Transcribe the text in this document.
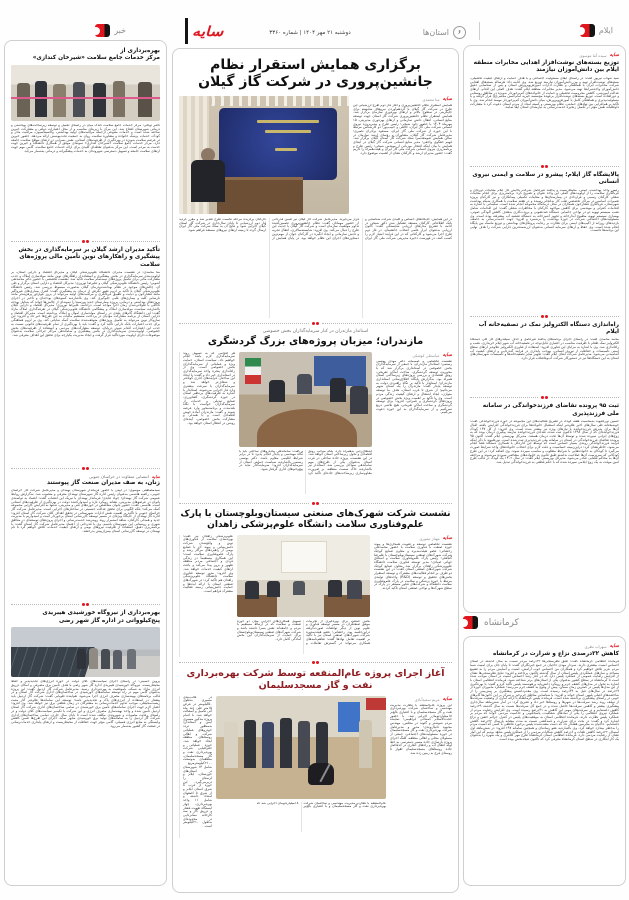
ایلام
۶
استان‌ها
دوشنبه ۲۱ مهر ۱۴۰۴ | شماره ۳۳۶۰
سایه
خبر
سایه
سیده آتنا موسوی
توزیع بسته‌های نوشت‌افزار اهدایی مخابرات منطقه ایلام بین دانش‌آموزان نیازمند
سید شهاب نیرپور گفت: در راستای ایفای مسئولیت اجتماعی و با هدف حمایت و ارتقای کیفیت تحصیلی، بسته‌های نوشت‌افزار تهیه و بین دانش‌آموزان نیازمند توزیع شد. وی ادامه داد: هرساله بسته‌های اهدایی شرکت مخابرات ایران با هماهنگی و نظارت ادارات آموزش‌وپرورش استان و پس از شناسایی دقیق دانش‌آموزان واجدشرایط تهیه می‌شود. مدیر مخابرات منطقه ایلام گفت: هدف اصلی این اقدام، ارتقای عدالت آموزشی، کاهش محرومیت تحصیلی و حمایت از خانواده‌های کم‌برخوردار به‌ویژه در مناطق روستایی و دورافتاده است. توزیع بسته‌های نوشت‌افزار برعهده مؤسسه خیریه امام‌حسن مجتبی(ع) قرار گرفته و با مسئولیت‌پذیری و هماهنگی کامل با آموزش‌وپرورش، میان دانش‌آموزان کم‌برخوردار مهمند انجام شد. وی با تأکید بر هم‌افزایی بین نهادهای حمایتی، نظام بهزیستی و کمیته امداد از مردم استان دعوت کرد با مشارکت داوطلبانه نقش مؤثر در تکمیل زنجیره خدمت‌رسانی به نیازمندان استان ایفا نمایند.
پالایشگاه گاز ایلام؛ پیشرو در سلامت و ایمنی نیروی انسانی
رئیس واحد بهداشت، ایمنی، محیط‌زیست و پدافند غیرعامل شرکت پالایش گاز ایلام معاینات دوره‌ای و غربالگری سلامت را از اولویت‌های اصلی این واحد عنوان و تصریح کرد: برنامه‌ریزی برای انجام معاینات شغلی کارکنان رسمی و قراردادی در بیمارستان‌ها و معاینات تکمیلی پیمانکاران و نیز کارکنان پروژه تعمیرات اساسی در مراکز تخصصی طب کار به‌انجام رسیده و در هفته سلامت با همکاری شبکه بهداشت شهرستان، غربالگری فشارخون همکاران در محل درمانگاه مجموعه انجام شده است. سلیمانی با اشاره به اقدامات کنترلی و مهندسی برای کاهش مواجهه کارکنان با مخاطرات شغلی گفت: این اقدامات شامل نصب سیستم تهویه دو در نواحی جانمایی دستگاه ضدعفونی و برودت‌کاری به‌هدف کاهش آلودگی صوتی، بهسازی سیستم تهویه مطبوع آبدارخانه و تجهیز آشپزخانه به دستگاه تصفیه آب پیشرفته بوده است. وی مسئولیت‌های اجتماعی شرکت در حوزه بهداشت را برشمرد و افزود: جهت خدمت‌رسانی به جامعه، بازدیدهای روزانه از اکیپ‌های ایمنی برای نظارت بر رعایت پروتکل‌های بهداشتی و توزیع ماسک بین پایگاه انجام شده است. وی حفظ و ارتقای سرمایه انسانی به‌عنوان ارزشمندترین دارایی شرکت را هدف نهایی این برنامه‌ها دانست.
راه‌اندازی دستگاه الکترولیز نمک در تصفیه‌خانه آب ایلام
محمد محمدی گفت: در راستای اجرای برنامه‌های پدافند غیرعامل و حذف سیلندرهای گاز کلر، دستگاه الکترولیز نمک طعام با ظرفیت مناسب در اعتباری قابل‌توجه در تصفیه‌خانه آب شهر ایلام خریداری، نصب و راه‌اندازی شد. وی با اشاره به مزایای این فناوری افزود: استفاده از فناوری الکترولیز علاوه‌بر ارتقای سطح ایمنی تأسیسات و حفاظت از نیروی انسانی، موجب پایداری در فرایند گندزدایی و ارتقای کیفیت آب آشامیدنی می‌شود. مدیرعامل شرکت آبفای ایلام گفت: تجهیز سایر تصفیه‌خانه‌ها و تأسیسات شهرستان‌های استان به این دستگاه‌ها نیز در دستورکار شرکت آب‌وفاضلاب قرار دارد.
ثبت ۹۵ پرونده تقاضای فرزندخواندگی در سامانه ملی فرزندپذیری
حسین نورعلیوند به‌مناسبت هفته کودک در تشریح فعالیت‌های این مجموعه در حوزه فرزندخواندگی گفت: خوشبختانه طی سال‌های اخیر علاوه‌بر اینکه استقبال خانواده‌ها برای فرزندخواندگی افزایش یافته، اقبال آن‌ها برای پذیرش فرزندخوانده با نیازهای ویژه نیز بیشتر شده است. وی افزود: از کل ۱۳۷ کودک فرزندخوانده‌ای که از سال ۱۳۹۸ تاکنون ثبت شده، تعدادی فرزندخوانده نیازمند پیگیری درمان بوده که به زوج‌های ایرانی سپرده شده و توسط آن‌ها تحت درمان هستند. مدیرکل بهزیستی ایلام گفت: اکنون ۹۵ پرونده تقاضای فرزندخواندگی در استان در سامانه ملی فرزندپذیری ثبت شده است. نورعلیوند با ذکر اینکه فرایند فرزندخواندگی روندی بسیار حساس است که توسط این اداره‌کل با همکاری دستگاه قضا انجام می‌شود، خاطرنشان کرد: دراین‌زمینه حساسیت و دقت لازم برای انتخاب خانواده‌های واجد شرایط صورت می‌گیرد تا کودکان به خانواده‌هایی با شرایط مطلوب و مناسب سپرده شوند. وی اضافه کرد: در این طرح کودکانی که سرپرست آن‌ها صلاحیت نداشته طبق قانون به خانواده‌های متقاضی سپرده می‌شوند و مراجعه آن‌ها به محاکم قضایی صادر می‌شود. مدیرکل بهزیستی ایلام گفت: در سال ۱۴۰۲ یک کودک در قالب طرح امین موقت به یک زوج ایلامی سپرده شده که با حکم قطعی به فرزندخواندگی تبدیل شد.
کرمانشاه
سایه
سهراب نظری
کاهش ۲۲درصدی نزاع و شرارت در کرمانشاه
فرمانده انتظامی کرمانشاه گفت: طبق نظرسنجی‌ها ۲۲درصد مردم نسبت به سال گذشته در استان احساس امنیت بیشتری دارند. سردار مهدی حاجیان در جمع خبرنگاران گفت: تا پایان جان برای امنیت شما مردم عزیز تلاش خواهیم کرد و همکاران من احساس خوب آرامش، امنیت و آسایش مردم را به تشییع مساجد و نمازهای عملکردی پلیس استان از سال گذشته تاکنون پرداخته و افزود: نتایج نظرسنجی‌ها نشان از افزایش رضایت عمومی از عملکرد پلیس دارد که در کنار رشد احساس امنیت در استان موجب شده است تا کرمانشاه در سطح کشور به‌عنوان یکی از استان‌های برتر شناخته شود. فرمانده انتظامی استان با اشاره به تحول در مدل‌های کشف جرم و رویکرد دانش‌پایه و هوشمند پلیس تأکید کرد و گفت: با بهره‌گیری از این مدل‌ها پلیس در کمترین زمان ممکن، پیش از وقوع به کشف جرم می‌رسد؛ عملکرد مأموران حوزه از ۲۹درصد در سال‌های قبل به ۳۹درصد رسیده است. وی مقدم‌دانستن پیشگیری بر پیش‌بینی را از شاخصه‌های اصلی پلیس استان خواند و افزود: با شناسایی مناطق جرم‌خیز و تمرکز بر این کانون‌ها گام‌های خوبی در راستای پیشگیری برداشته شده است. فرمانده پلیس کرمانشاه با ارائه آماری از وضعیت سرقت‌ها از توقف روند رشد سرقت‌ها در شهرها و روستاها خبر داد و تصریح کرد: در آمار شش‌ماهه سال‌جاری پیشگیری بیشتر و کاهش سرقت‌ها حاصل شده و در جمع کل سرقت‌ها نسبت به سال گذشته ۲۹درصد کاهش داشته‌ایم و در سرقت‌های مهم، این کاهش به ۳۱درصد رسیده است. وی افزایش رضایت مردم از عملکرد نیروی انتظامی را یکی از نمادهای شفافیت، پاسخگویی و حاکمیت مردمی خواند که مردم بر عملکرد پلیس نظارت دارند. فرمانده انتظامی استان به موفقیت‌های پلیس در کنترل جرائم خشن و نزاع اشاره کرد و گفت: در بحث نزاع، شرارت و قمه‌کشی نسبت به مدت مشابه پارسال ۲۲درصد کاهش داشته‌ایم. حاجیان به مجرمین هشدار داد که دست مشت‌شده پلیس برخورد قاطعی با کسی که امنیت مردم را به‌خطر بیندازد خواهد کرد. وی بااشاره‌به عفو رسانه‌ای و همچنین سامانه ۱۹۷ افزود: در شش‌ماهه اول امسال، ۲۲درصد کاهش تلفات و ۶درصد کاهش شکایات مردمی را از عملکرد پلیس شاهد بودیم که این آمار نشان از رضایت مردمی دارد. فرمانده انتظامی استان کرمانشاه طرح مهر کلانتری و یک شهره را به‌عنوان یک کار ابتکاری در سطح استان کرمانشاه معرفی کرد که تاکنون نتیجه‌بخش بوده است.
برگزاری همایش استقرار نظام جانشین‌پروری در شرکت گاز گیلان
سایه
منا محمدی
همایش استقرار نظام جانشین‌پروری و آغاز فاز دوم طرح ارزشیابی این طرح در شرکت گاز گیلان با گردهم‌آوردن نیروهای شایسته برای جایگزینی در سطوح بالاتر و ارتقای بهره‌وری سازمان برگزار شد. همایش استقرار نظام جانشین‌پروری شرکت گاز استان جهت توسعه منابع انسانی، انتقال دانش سازمانی و ارتقای بهره‌وری مدیریتی، ۱۵ مهرماه ۱۴۰۴ با حضور داود شیخی؛ رئیس طرح و مدیرپروژه نیروی انسانی شرکت ملی گاز ایران، خالقی و حبیب‌پور؛ دو کارشناس مرتبط با این حوزه از شرکت ملی گاز ایران، مسعود برادران نصیری؛ مدیرعامل شرکت گاز گیلان، مشاوران و رؤسای ارشد سازمان در سالن همایش صومعه‌سرا ستاد شرکت گاز استان گیلان برگزار شد. فهیم حقگوی واجعی؛ مدیر منابع انسانی شرکت گاز گیلان در ابتدای همایش با بیان اینکه افتخار میزبانی از مهندس شیخی؛ رئیس طرح و برنامه‌ریزی نیروی انسانی شرکت ملی گاز ایران و هیئت‌همراه را داریم گفت: حضور مدیران ارشد و کارکنان نشان از اهمیت موضوع دارد.
در این همایش، جایگاه‌های حساس و کلیدی شرکت شناسایی و بانک اطلاعاتی کارکنان مستعد تشکیل شد. دکتر شیخی در ادامه با تشریح مدل‌های ارزیابی شایستگی گفت: کانون ارزیابی به‌عنوان ابزار علمی انتخاب جانشینان، در فاز دوم طرح اجرا می‌شود و کارکنانی که در این فرایند امتیاز لازم را کسب کنند، در فهرست ذخیره مدیریتی شرکت ملی گاز ایران قرار می‌گیرند. مدیرعامل شرکت گاز گیلان نیز ضمن قدردانی از حضور مهمانان گفت: نظام جانشین‌پروری تضمین‌کننده تداوم موفقیت سازمان است و شرکت گاز گیلان با جدیت این طرح را دنبال می‌کند. وی افزود: شایسته‌سالاری، انتقال تجربه و دانش سازمانی و ایجاد انگیزه در کارکنان جوان از مهم‌ترین دستاوردهای اجرای این نظام خواهد بود. در پایان همایش از کارکنان برگزیده مرحله نخست طرح تقدیر شد و مقرر گردید فاز دوم ارزشیابی تا پایان سال‌جاری در شرکت گاز استان گیلان اجرایی شود و نتایج آن به ستاد شرکت ملی گاز ایران ارسال گردد تا زمینه ارتقای نیروهای مستعد فراهم شود.
استاندار مازندران در کنار سرمایه‌گذاران بخش خصوصی
مازندران؛ میزبان پروژه‌های بزرگ گردشگری
سایه
عباسعلی کوشکی
نشست تخصصی و صمیمانه دکتر مهدی یونسی رستمی؛ استاندار مازندران، با جمعی از سرمایه‌گذاران بخش خصوصی در استانداری برگزار شد که با محوریت توسعه گردشگری، ساخت اماکن تفریحی، رونق اقتصادی و بررسی پروژه‌های زیرساختی استان همراه بود. به‌گزارش پایگاه اطلاع‌رسانی استانداری مازندران؛ استاندار با تأکید بر نگاه راهبردی دولت به توسعه پایدار گفت: مازندران را یک استان شهیر می‌دانیم؛ از شرق تا غرب استان، هدف ما توسعه متوازن، ایجاد اشتغال و ارتقای کیفیت زندگی مردم است. وی با تأکید بر اهمیت ویژه بخش خصوصی در پروژه‌های گردشگری و عمرانی، افزود: برای توسعه گردشگری و ساخت اماکن تفریحی، هیچ تلاشی دریغ نمی‌کنیم و از سرمایه‌گذاران به این حوزه دعوت می‌کنیم.
اشتغال‌زایی به‌همراه دارد، بلکه موجب رونق اقتصادی و تحول زیرساختی استان خواهد شد. در این نشست، پروژه جاده ساحلی در غرب استان به‌عنوان یکی از طرح‌های مهم ساماندهی سواحل بررسی شد. استاندار نیز بااشاره‌به خاک سست منطقه، بر ضرورت مقاوم‌سازی زیرساخت‌های جاده‌ای تأکید کرد و گفت: ساماندهی پیاده‌روهای ساحلی باید با نگاه مهندسی و پایدار انجام پذیرد تا در برابر شرایط اقلیمی مقاوم باشد. دکتر یونسی رستمی بااشاره‌به سیاست حمایتی استان از سرمایه‌گذاران افزود: سرمایه‌گذار نباید در پیچ‌وخم‌های اداری گرفتار شود.
هر اقدامی که به تسهیل روند سرمایه‌گذاری لازم باشد انجام خواهیم داد. سیاست استان، حمایت ویژه و عملیاتی از سرمایه‌گذاران بخش خصوصی است. وی از راه‌اندازی پنجره واحد سرمایه‌گذاری در استانداری خبر داد و گفت: با ایجاد این ساختار، فرایندهای اداری کوتاه‌تر و شفاف‌تر خواهد شد و سرمایه‌گذاران با سرعت بیشتری وارد فاز اجرایی می‌شوند. استاندار با اشاره به ظرفیت‌های بی‌نظیر استان در حوزه گردشگری، کشاورزی، صنایع تبدیلی و خدمات از سرمایه‌گذاران خواست با نگاه بلندمدت و برنامه‌محور وارد عرصه شوند و گفت: مازندران آماده جهش اقتصادی است و با همدلی و مشارکت بخش خصوصی، آینده‌ای روشن در انتظار استان خواهد بود.
نشست شرکت شهرک‌های صنعتی سیستان‌وبلوچستان با پارک علم‌وفناوری سلامت دانشگاه علوم‌پزشکی زاهدان
سایه
مهناز تیموری
نشست تخصصی توسعه و تقویت همکاری‌ها و پیوند حوزه صنعت با فناوری سلامت با حضور محمدعلی رخشانی؛ عضو هیئت‌مدیره و معاون صنایع کوچک شرکت شهرک‌های صنعتی سیستان‌وبلوچستان با علیرضا گنجعلی؛ رئیس پارک علم‌وفناوری سلامت و اسحاق جهانی صیادی؛ مدیر توسعه فناوری سلامت دانشگاه علوم‌پزشکی زاهدان برگزار شد. معاون صنایع کوچک شرکت شهرک‌های صنعتی استان گفت: در این نشست دو طرف بر انجام فعالیت‌های مشترک و توسعه استقرار بخش‌های تحقیق و توسعه (R&D) واحدهای تولیدی مرتبط با حوزه پزشکی و سلامت در پارک علم‌وفناوری سلامت دانشگاه و شرکت‌های فناور مستقر در پارک در سطح شهرک‌ها و نواحی صنعتی استان تأکید کردند.
بخش صنعت برای بهره‌گیری از تجربیات موفق صنعتگران در مسیر توسعه فناوری و علوم نوین از دیگر توافقات صورت‌گرفته دراین‌جلسه بود. رخشانی؛ عضو هیئت‌مدیره شرکت شهرک‌های صنعتی استان نیز با تأکید بر اهمیت تعامل نهادها گفت: تفاهم‌نامه‌های همکاری می‌تواند در گسترش تعاملات و تسهیل همکاری‌های اجرایی میان دو حوزه صنعت و سلامت که در ارتباط مستقیم با مردم و جامعه‌اند نقش بسزا داشته باشد و شرکت شهرک‌های صنعتی سیستان‌وبلوچستان برای حمایت از سرمایه‌گذاران این بخش آمادگی کامل دارد.
علوم‌پزشکی زاهدان نیز گفت: بهره‌مندی سلامت از فناوری‌های نوین و واقع‌شدن شرکت دانش‌بنیانی و پیوند آن با صنایع بومی از راهبردهای مراکز رشد و پارک علم‌وفناوری سلامت است؛ این همکاری مستقیماً در زندگی فردی و اجتماعی مردم منطقه ظهور و بروز پیدا می‌کند و باعث ارتقای کیفیت خدمات خواهد شد. وی افزود: مدیر توسعه فناوری سلامت دانشگاه علوم‌پزشکی زاهدان هم تأکید کرد: در شهرک‌های صنعتی استان با ارائه ایده‌ها و حمایت دانش‌بنیانی زمینه فعالیت مشترک فراهم است.
آغاز اجرای پروژه عام‌المنفعه توسط شرکت بهره‌برداری نفت و گاز مسجدسلیمان
سایه
مریم سعیدآبادی
این پروژه عام‌المنفعه با نظارت مدیریت مهندسی و ساختمان شرکت بهره‌برداری نفت و گاز مسجدسلیمان و با اعتباری بالغ‌بر ۱۸میلیاردتومان اجرایی شد. با حضور حجت‌الاسلام کمندانی ابراهیمی؛ نماینده مردم شوشتر و گتوند در مجلس، مهندس محمود دانیال‌وندی؛ مدیر و مدیرعامل شرکت بهره‌برداری نفت و گاز مسجدسلیمان در حوزه مسئولیت‌های اجتماعی، جمعی از مسئولان محلی و اهالی منطقه، کلنگ اجرای پروژه بازسازی جاده مسیر دسترسی به خط لوله انتقال آب و راه‌های حفاری در حدفاصل جاده روستاهای مسجدسلیمان اهواز تا روستای فرخ به زمین زده شد.
عام‌المنفعه با نظارت مدیریت مهندسی و ساختمان شرکت بهره‌برداری نفت و گاز مسجدسلیمان و با اعتباری بالغ‌بر ۱۸میلیاردتومان اجرایی شد که
در قالب‌بندی مسیری به‌طول ۵۰کیلومتر در عرض ۱۵متر طی چند ماه آتی تکمیل و آسفالت خواهد شد. با اتمام پروژه مذکور مسیری ایمن و استاندارد به‌منظور تردد خودروهای عملیاتی شرکت و اهالی روستاهای منطقه ایجاد خواهد شد. حوزه عملیاتی و جغرافیایی شرکت بهره‌برداری نفت و گاز مسجدسلیمان، منطقه‌ای به‌وسعت ۲۱۰۰کیلومترمربع شامل ۱۴ شهرستان در استان‌های خوزستان، ایلام و لرستان را دربرمی‌گیرد. این حوزه از غرب تا شرق استان ایلام و از شرق تا اصفهان امتداد داشته و شامل ۱۱ واحد بهره‌برداری، چهار ایستگاه تقویت فشار و تزریق گاز و سه کارخانه نمک‌زدایی در محدوده‌ای به‌طول ۲۱۰کیلومتر است.
بهره‌برداری از
مرکز خدمات جامع سلامت «شیرخان کندازی»
ناصر توکلی: مرکز خدمات جامع سلامت کندک میان در راستای تکمیل و توسعه زیرساخت‌های بهداشتی و درمانی شهرستان افتتاح شد. این مرکز با زیربنای مناسب و از محل اعتبارات دولتی و مشارکت خیرین ساخته شده است و خدمات متنوعی ازجمله مراقبت‌های اولیه بهداشتی، واکسیناسیون، مراقبت مادر و کودک، خدمات پزشک خانواده و مشاوره سلامت روان به جمعیت تحت‌پوشش ارائه می‌دهد. حضور خیرین در عرصه سلامت به‌ویژه در بهره‌گیری از ظرفیت‌های استانی، نقش بسزایی در ارتقای سطح سلامت جامعه دارد. مرکز خدمات جامع سلامت «شیرخان کندازی» نمونه‌ای موفق از همکاری دانشگاه و خیرین جهت خدمت به مردم است. این مرکز به‌عنوان نقطه‌ای کلیدی برای ارائه خدمات جامع سلامت، گامی مهم جهت ارتقای سلامت جامعه و تسهیل دسترسی شهروندان به خدمات پیشگیرانه و درمانی به‌شمار می‌آید.
تأکید مدیران ارشد گیلان بر سرمایه‌گذاری در بخش پیشگیری و راهکارهای نوین تأمین مالی پروژه‌های سلامت
منا محمدی: در نشست مدیران دانشگاه علوم‌پزشکی گیلان و مدیرکل اقتصاد و دارایی استان، بر اولویت‌بندی سرمایه‌گذاری در بخش پیشگیری و استفاده از راهکارهای نوین مانند مولدسازی املاک و جذب مشارکت مالی برای تکمیل پروژه‌های نیمه‌تمام سلامت تأکید شد. نشست تخصصی با حضور دکتر محمدتقی آشوبی؛ رئیس دانشگاه علوم‌پزشکی گیلان و علیرضا نوروزی؛ مدیرکل اقتصاد و دارایی استان برگزار و طی آن، چالش‌های موجود در نظام بهداشت‌ودرمان گیلان به‌صورت مبسوط بررسی شد. رئیس دانشگاه علوم‌پزشکی گیلان با تأکید بر لزوم تغییر نگرش از درمان به پیشگیری گفت: کنترل بیماری‌های غیرواگیر مانند فشارخون و دیابت و تطبیق غربالگری و مراقبت‌های اولیه می‌تواند از بروز عوارض پرهزینه‌تر مانند نارسایی کلیه و بیماری‌های قلبی جلوگیری کند. وی بااشاره‌به کمبودهای بودجه‌ای و تأخیر در اجرای پروژه‌های بهداشتی و درمانی، پروژه بیمارستان جدید پورسینا را نمونه‌ای از چالش‌ها خواند که به‌دلیل بودجه ناکافی با طولانی‌شدن زمان اجرا مواجه است. درادامه، علیرضا نوروزی؛ مدیرکل اقتصاد و دارایی گیلان بااشاره‌به سیاست مولدسازی املاک و پیشگامی دانشگاه علوم‌پزشکی گیلان در تعرفه‌گذاری املاک مازاد گفت: این دانشگاه گام‌های بلندی در راستای مولدسازی اموال و املاک برداشته است. مدیرکل اقتصاد و دارایی استان از برنامه مشارکت مؤدیان در پرداخت مستقیم مالیات به این طرح‌ها خبر داد و افزود: این سازوکار نوین می‌تواند به تکمیل پروژه‌های متوقف‌شده سلامت کمک شایانی کند. وی بر لزوم هماهنگی برای جذب اعتبارات بانک دارایی تأکید کرد و گفت: باید با بهره‌گیری از تمام ظرفیت‌های قانونی نسبت به جذب این اعتبارات اقدام شود. درپایان، توسعه مشارکت‌های مردمی و استفاده از ظرفیت‌های بخش خصوصی، اولویت‌بندی سرمایه‌گذاری در بخش پیشگیری و ساماندهی مراکز جراحی سلامت به‌عنوان موضوعات دارای اولویت موردتأکید قرار گرفت و ایجاد مدیریت یکپارچه برای تحقق این اهداف معرفی شد.
سایه
انتصابی متفاوت در خراسان جنوبی
زنان، به صف مدیران صنعت گاز پیوستند
سیدمصطفی موسوی: در آیینی با حضور فرماندار شهرستان نهبندان و مدیرعامل شرکت گاز خراسان جنوبی، راضیه هاشمی به‌عنوان رئیس اداره گاز شهرستان نهبندان معرفی و منصوب شد. به‌گزارش روابط عمومی شرکت گاز نهبندان؛ جواد عابدی؛ فرماندار نهبندان با تبریک این انتصاب گفت: اعتماد به توانمندی بانوان در عرصه‌های مدیریتی، نشانه رویکرد تازه و امیدوارکننده دولت در بهره‌گیری از ظرفیت‌های استانی است. هاشمی گفت: حضور بانوان متخصص در حوزه‌های فنی و مدیریتی، نه‌تنها به افزایش کارایی مجموعه کمک می‌کند؛ بلکه الگویی برای تحقق عدالت جنسیتی در ساختارهای اجرایی است. مدیرعامل شرکت گاز خراسان جنوبی با تأکید بر اهمیت نقش ادارات شهرستانی در تحقق اهداف کلان شرکت گاز استان افزود: اداره گاز نهبندان از جایگاه ویژه‌ای در مسیر توسعه گازرسانی استان برخوردار است و امیدواریم با مدیریت جدید و همدلی کارکنان، شاهد استمرار روند روبه‌رشد خدمت‌رسانی و اجرای پروژه‌های توسعه‌ای در مناطق شهری و روستایی این شهرستان باشیم. وی با قدردانی از اعتماد مدیرعامل شرکت گاز استان گفت: با برنامه‌ریزی دقیق، استفاده از ظرفیت نیروهای بومی و ارتقای کیفیت خدمات، تلاش خواهم کرد تا نام نهبندان در توسعه گازرسانی استان بیش‌ازپیش بدرخشد.
بهره‌برداری از نیروگاه خورشیدی هیبریدی پنج‌کیلوواتی در اداره گاز شهر رضی
پروین حسینی: در راستای اجرای سیاست‌های کلان دولت در حوزه انرژی‌های تجدیدپذیر و حفظ محیط‌زیست، نیروگاه خورشیدی هیبریدی اداره گاز شهر رضی با هدف تأمین برق مصرفی و امکان تزریق انرژی مازاد به شبکه، باموفقیت به بهره‌برداری رسید. مدیرعامل شرکت گاز اردبیل گفت: این پروژه به‌عنوان گامی مهم در راه توسعه سامانه‌های خورشیدی در ساختمان‌های اداری شرکت گاز استان و در قالب برنامه‌های بهینه‌سازی مصرف انرژی اجرا می‌شود. هم‌اینده طوبایی گفت: شرکت گاز اردبیل باید پیشتاز در استفاده از انرژی‌های پاک و تجدیدپذیر باشد؛ توسعه این سامانه‌ها علاوه‌بر آثار مثبت زیست‌محیطی، موجب تداوم خدمات‌رسانی به مشترکان در زمان قطعی برق نیز خواهد شد. وی افزود: اعتبار لازم جهت اجرای سامانه‌های تأمین برق خورشیدی در تمامی ساختمان‌های اداری شرکت گاز استان اردبیل تأمین شده و واحد بهینه‌سازی مصرف انرژی و این شرکت با تکیه‌بر سیاست‌های کلان دولت و در راستای رعایت مصوبات و شهروندی مکلف شده است تا پایان سال جاری، تمامی ساختمان‌های اداری شرکت گاز اردبیل را به سامانه‌های تولید برق خورشیدی مجهز نماید. اجرای این طرح‌ها ضمن کاهش وابستگی به منابع انرژی فسیلی، گامی مؤثر جهت حفاظت از محیط‌زیست و ارتقای پایداری خدمات‌رسانی در صنعت گاز کشور به‌شمار می‌رود.
